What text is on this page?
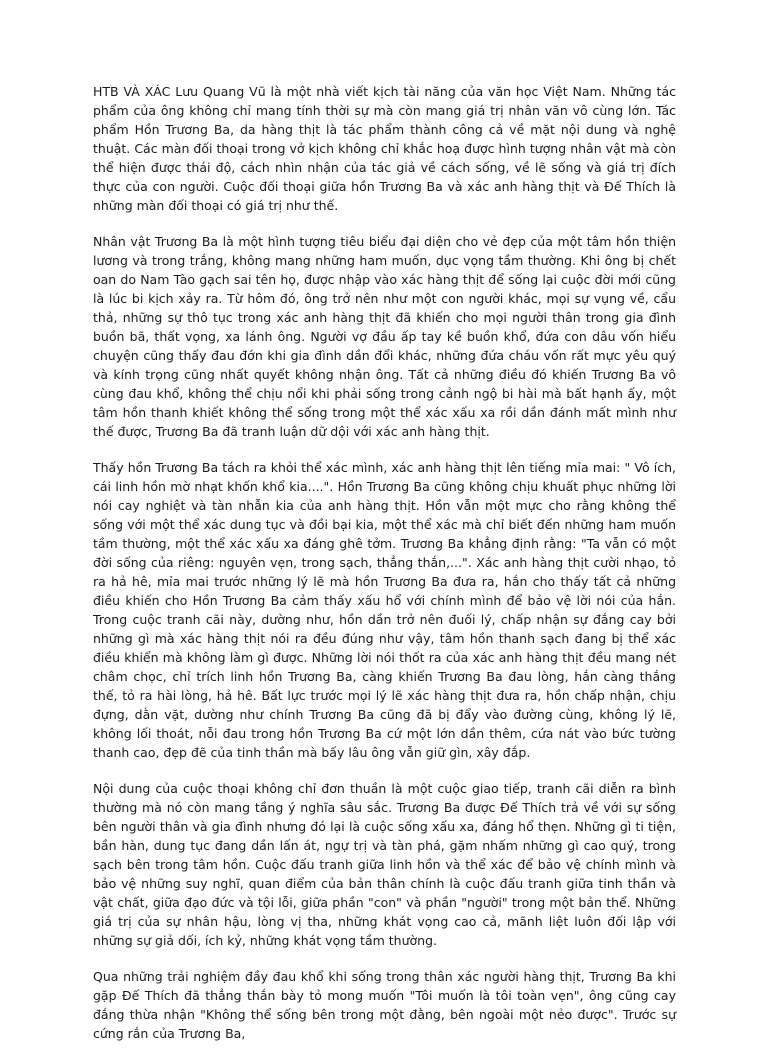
HTB VÀ XÁC Lưu Quang Vũ là một nhà viết kịch tài năng của văn học Việt Nam. Những tác phẩm của ông không chỉ mang tính thời sự mà còn mang giá trị nhân văn vô cùng lớn. Tác phẩm Hồn Trương Ba, da hàng thịt là tác phẩm thành công cả về mặt nội dung và nghệ thuật. Các màn đối thoại trong vở kịch không chỉ khắc hoạ được hình tượng nhân vật mà còn thể hiện được thái độ, cách nhìn nhận của tác giả về cách sống, về lẽ sống và giá trị đích thực của con người. Cuộc đối thoại giữa hồn Trương Ba và xác anh hàng thịt và Đế Thích là những màn đối thoại có giá trị như thế.

Nhân vật Trương Ba là một hình tượng tiêu biểu đại diện cho vẻ đẹp của một tâm hồn thiện lương và trong trắng, không mang những ham muốn, dục vọng tầm thường. Khi ông bị chết oan do Nam Tào gạch sai tên họ, được nhập vào xác hàng thịt để sống lại cuộc đời mới cũng là lúc bi kịch xảy ra. Từ hôm đó, ông trở nên như một con người khác, mọi sự vụng về, cẩu thả, những sự thô tục trong xác anh hàng thịt đã khiến cho mọi người thân trong gia đình buồn bã, thất vọng, xa lánh ông. Người vợ đầu ấp tay kề buồn khổ, đứa con dâu vốn hiểu chuyện cũng thấy đau đớn khi gia đình dần đổi khác, những đứa cháu vốn rất mực yêu quý và kính trọng cũng nhất quyết không nhận ông. Tất cả những điều đó khiến Trương Ba vô cùng đau khổ, không thể chịu nổi khi phải sống trong cảnh ngộ bi hài mà bất hạnh ấy, một tâm hồn thanh khiết không thể sống trong một thể xác xấu xa rồi dần đánh mất mình như thế được, Trương Ba đã tranh luận dữ dội với xác anh hàng thịt.

Thấy hồn Trương Ba tách ra khỏi thể xác mình, xác anh hàng thịt lên tiếng mỉa mai: " Vô ích, cái linh hồn mờ nhạt khốn khổ kia....". Hồn Trương Ba cũng không chịu khuất phục những lời nói cay nghiệt và tàn nhẫn kia của anh hàng thịt. Hồn vẫn một mực cho rằng không thể sống với một thể xác dung tục và đồi bại kia, một thể xác mà chỉ biết đến những ham muốn tầm thường, một thể xác xấu xa đáng ghê tởm. Trương Ba khẳng định rằng: "Ta vẫn có một đời sống của riêng: nguyên vẹn, trong sạch, thẳng thắn,...". Xác anh hàng thịt cười nhạo, tỏ ra hả hê, mỉa mai trước những lý lẽ mà hồn Trương Ba đưa ra, hắn cho thấy tất cả những điều khiến cho Hồn Trương Ba cảm thấy xấu hổ với chính mình để bảo vệ lời nói của hắn. Trong cuộc tranh cãi này, dường như, hồn dần trở nên đuối lý, chấp nhận sự đắng cay bởi những gì mà xác hàng thịt nói ra đều đúng như vậy, tâm hồn thanh sạch đang bị thể xác điều khiển mà không làm gì được. Những lời nói thốt ra của xác anh hàng thịt đều mang nét châm chọc, chỉ trích linh hồn Trương Ba, càng khiến Trương Ba đau lòng, hắn càng thắng thế, tỏ ra hài lòng, hả hê. Bất lực trước mọi lý lẽ xác hàng thịt đưa ra, hồn chấp nhận, chịu đựng, dằn vặt, dường như chính Trương Ba cũng đã bị đẩy vào đường cùng, không lý lẽ, không lối thoát, nỗi đau trong hồn Trương Ba cứ một lớn dần thêm, cứa nát vào bức tường thanh cao, đẹp đẽ của tinh thần mà bấy lâu ông vẫn giữ gìn, xây đắp.

Nội dung của cuộc thoại không chỉ đơn thuần là một cuộc giao tiếp, tranh cãi diễn ra bình thường mà nó còn mang tầng ý nghĩa sâu sắc. Trương Ba được Đế Thích trả về với sự sống bên người thân và gia đình nhưng đó lại là cuộc sống xấu xa, đáng hổ thẹn. Những gì ti tiện, bần hàn, dung tục đang dần lấn át, ngự trị và tàn phá, gặm nhấm những gì cao quý, trong sạch bên trong tâm hồn. Cuộc đấu tranh giữa linh hồn và thể xác để bảo vệ chính mình và bảo vệ những suy nghĩ, quan điểm của bản thân chính là cuộc đấu tranh giữa tinh thần và vật chất, giữa đạo đức và tội lỗi, giữa phần "con" và phần "người" trong một bản thể. Những giá trị của sự nhân hậu, lòng vị tha, những khát vọng cao cả, mãnh liệt luôn đối lập với những sự giả dối, ích kỷ, những khát vọng tầm thường.

Qua những trải nghiệm đầy đau khổ khi sống trong thân xác người hàng thịt, Trương Ba khi gặp Đế Thích đã thẳng thắn bày tỏ mong muốn "Tôi muốn là tôi toàn vẹn", ông cũng cay đắng thừa nhận "Không thể sống bên trong một đằng, bên ngoài một nẻo được". Trước sự cứng rắn của Trương Ba,
